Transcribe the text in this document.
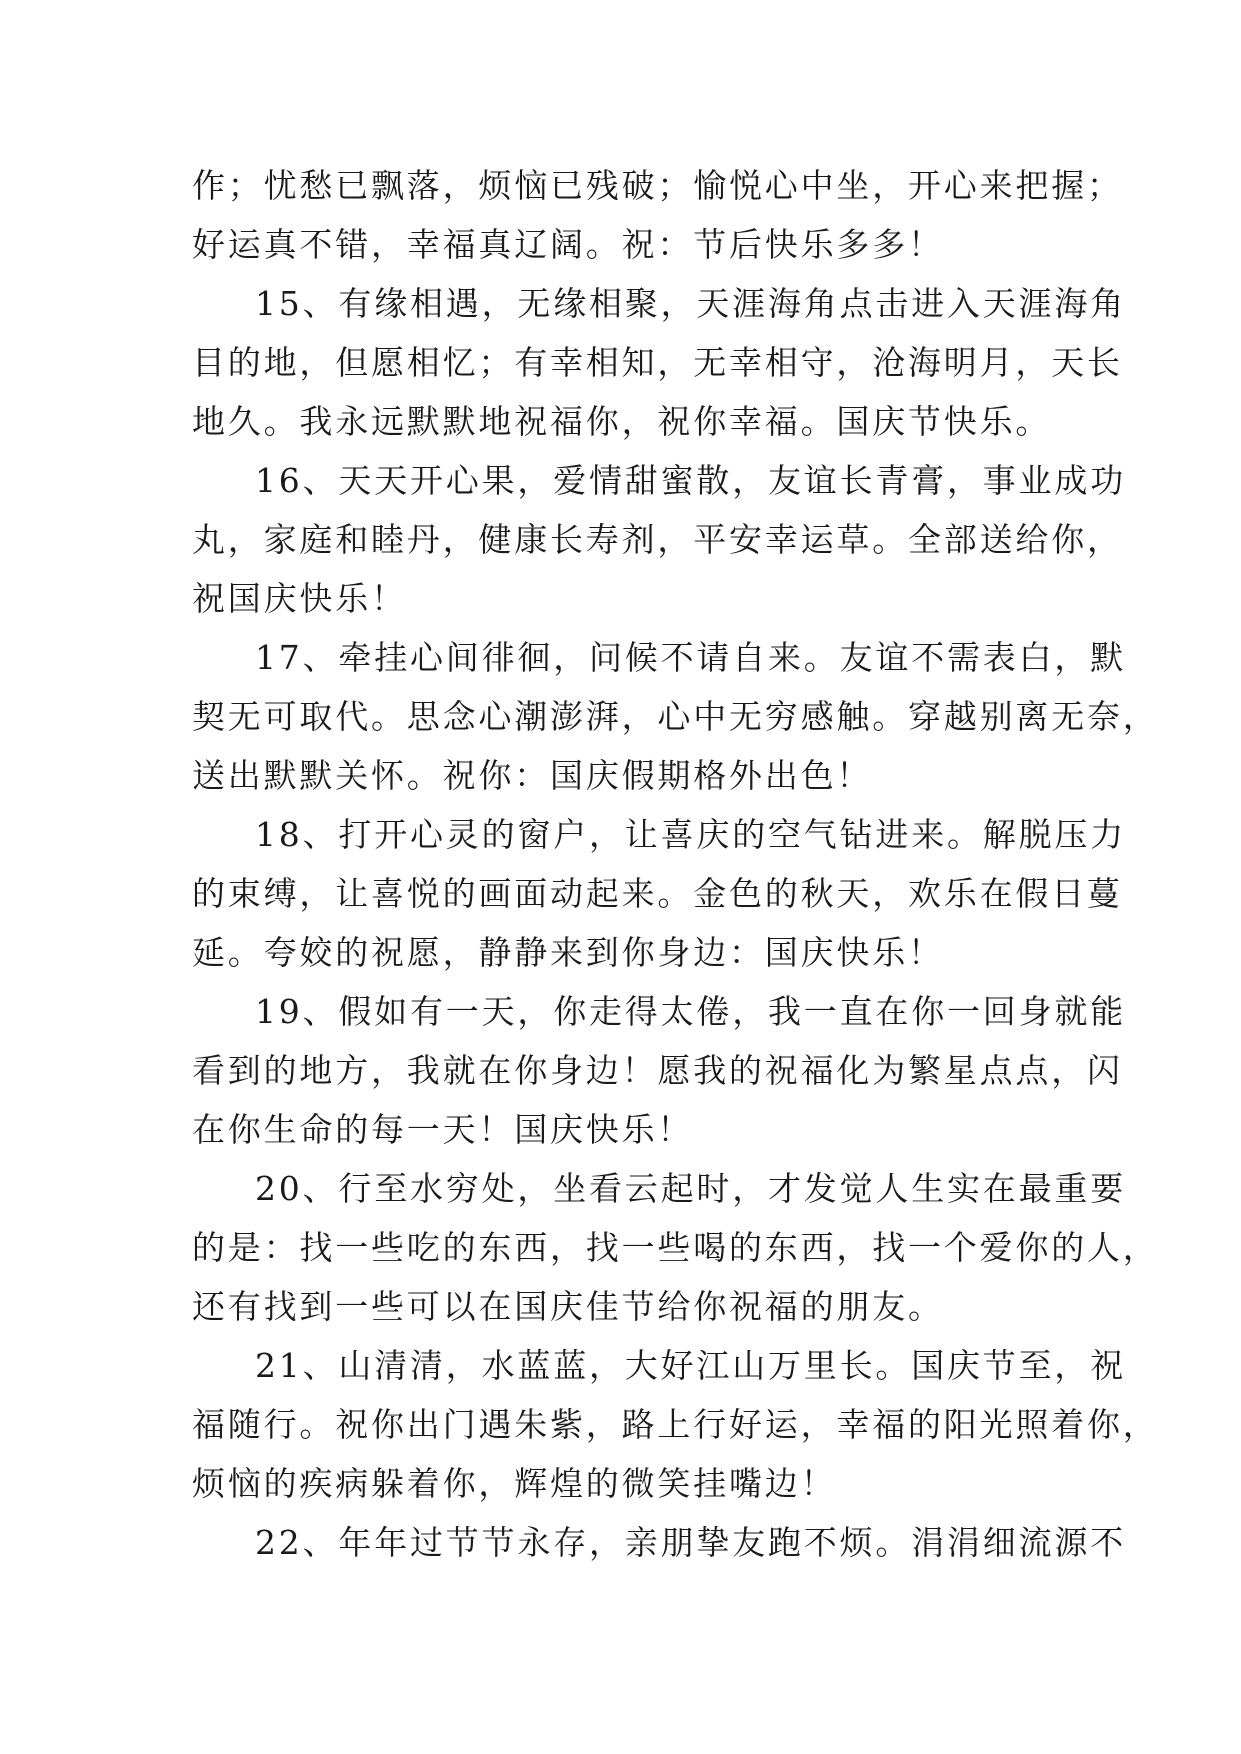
作；忧愁已飘落，烦恼已残破；愉悦心中坐，开心来把握；
好运真不错，幸福真辽阔。祝：节后快乐多多！
15、有缘相遇，无缘相聚，天涯海角点击进入天涯海角
目的地，但愿相忆；有幸相知，无幸相守，沧海明月，天长
地久。我永远默默地祝福你，祝你幸福。国庆节快乐。
16、天天开心果，爱情甜蜜散，友谊长青膏，事业成功
丸，家庭和睦丹，健康长寿剂，平安幸运草。全部送给你，
祝国庆快乐！
17、牵挂心间徘徊，问候不请自来。友谊不需表白，默
契无可取代。思念心潮澎湃，心中无穷感触。穿越别离无奈，
送出默默关怀。祝你：国庆假期格外出色！
18、打开心灵的窗户，让喜庆的空气钻进来。解脱压力
的束缚，让喜悦的画面动起来。金色的秋天，欢乐在假日蔓
延。夸姣的祝愿，静静来到你身边：国庆快乐！
19、假如有一天，你走得太倦，我一直在你一回身就能
看到的地方，我就在你身边！愿我的祝福化为繁星点点，闪
在你生命的每一天！国庆快乐！
20、行至水穷处，坐看云起时，才发觉人生实在最重要
的是：找一些吃的东西，找一些喝的东西，找一个爱你的人，
还有找到一些可以在国庆佳节给你祝福的朋友。
21、山清清，水蓝蓝，大好江山万里长。国庆节至，祝
福随行。祝你出门遇朱紫，路上行好运，幸福的阳光照着你，
烦恼的疾病躲着你，辉煌的微笑挂嘴边！
22、年年过节节永存，亲朋挚友跑不烦。涓涓细流源不
